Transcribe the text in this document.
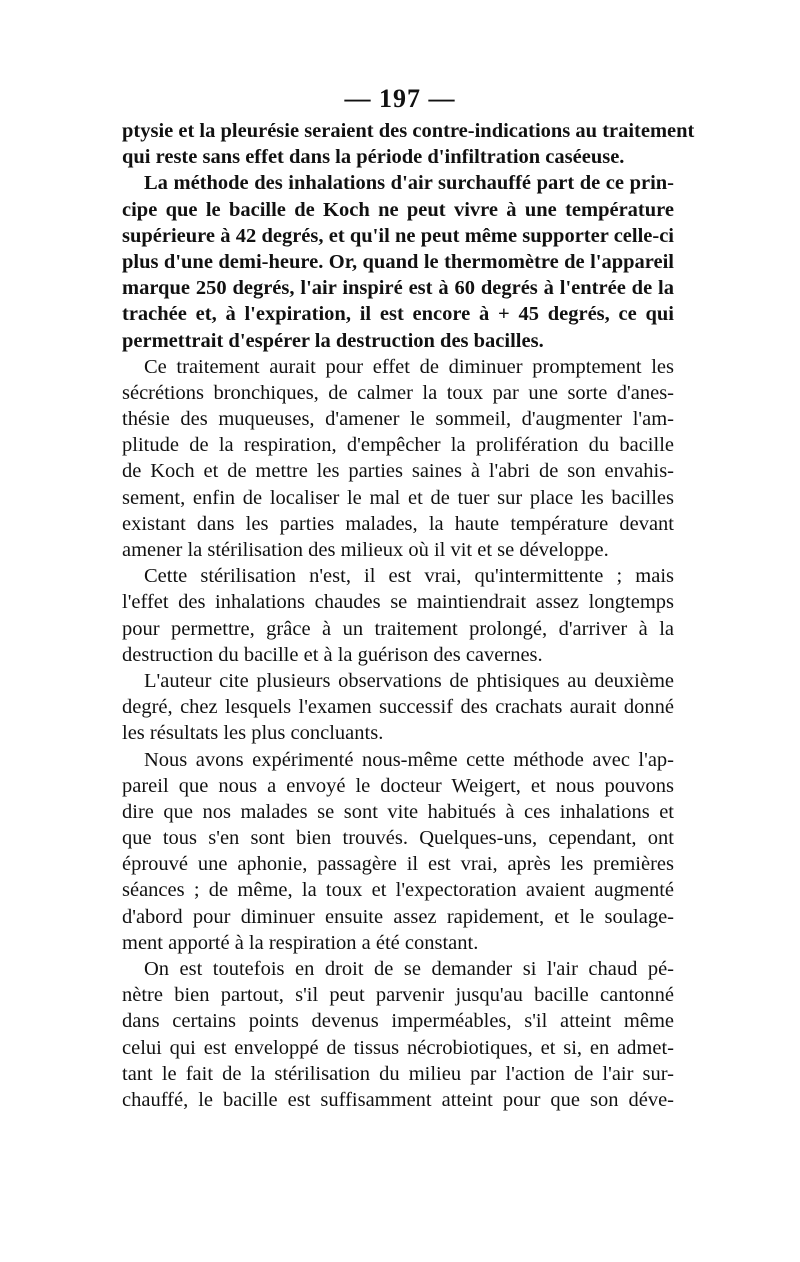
— 197 —
ptysie et la pleurésie seraient des contre-indications au traitement
qui reste sans effet dans la période d'infiltration caséeuse.
La méthode des inhalations d'air surchauffé part de ce prin-
cipe que le bacille de Koch ne peut vivre à une température
supérieure à 42 degrés, et qu'il ne peut même supporter celle-ci
plus d'une demi-heure. Or, quand le thermomètre de l'appareil
marque 250 degrés, l'air inspiré est à 60 degrés à l'entrée de la
trachée et, à l'expiration, il est encore à + 45 degrés, ce qui
permettrait d'espérer la destruction des bacilles.
Ce traitement aurait pour effet de diminuer promptement les
sécrétions bronchiques, de calmer la toux par une sorte d'anes-
thésie des muqueuses, d'amener le sommeil, d'augmenter l'am-
plitude de la respiration, d'empêcher la prolifération du bacille
de Koch et de mettre les parties saines à l'abri de son envahis-
sement, enfin de localiser le mal et de tuer sur place les bacilles
existant dans les parties malades, la haute température devant
amener la stérilisation des milieux où il vit et se développe.
Cette stérilisation n'est, il est vrai, qu'intermittente ; mais
l'effet des inhalations chaudes se maintiendrait assez longtemps
pour permettre, grâce à un traitement prolongé, d'arriver à la
destruction du bacille et à la guérison des cavernes.
L'auteur cite plusieurs observations de phtisiques au deuxième
degré, chez lesquels l'examen successif des crachats aurait donné
les résultats les plus concluants.
Nous avons expérimenté nous-même cette méthode avec l'ap-
pareil que nous a envoyé le docteur Weigert, et nous pouvons
dire que nos malades se sont vite habitués à ces inhalations et
que tous s'en sont bien trouvés. Quelques-uns, cependant, ont
éprouvé une aphonie, passagère il est vrai, après les premières
séances ; de même, la toux et l'expectoration avaient augmenté
d'abord pour diminuer ensuite assez rapidement, et le soulage-
ment apporté à la respiration a été constant.
On est toutefois en droit de se demander si l'air chaud pé-
nètre bien partout, s'il peut parvenir jusqu'au bacille cantonné
dans certains points devenus imperméables, s'il atteint même
celui qui est enveloppé de tissus nécrobiotiques, et si, en admet-
tant le fait de la stérilisation du milieu par l'action de l'air sur-
chauffé, le bacille est suffisamment atteint pour que son déve-
